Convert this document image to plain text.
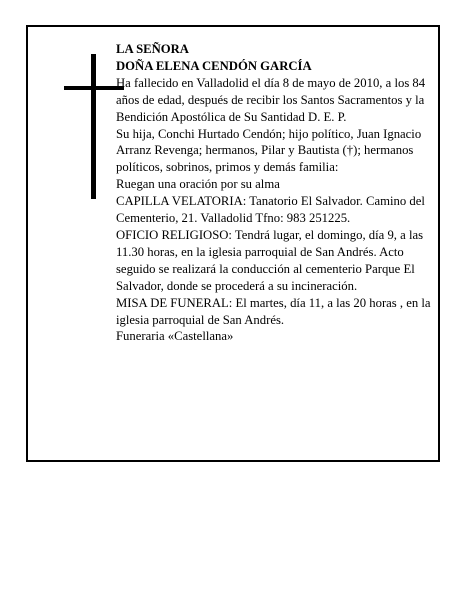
LA SEÑORA

DOÑA ELENA CENDÓN GARCÍA

Ha fallecido en Valladolid el día 8 de mayo de 2010, a los 84 años de edad, después de recibir los Santos Sacramentos y la Bendición Apostólica de Su Santidad D. E. P.

Su hija, Conchi Hurtado Cendón; hijo político, Juan Ignacio Arranz Revenga; hermanos, Pilar y Bautista (†); hermanos políticos, sobrinos, primos y demás familia:

Ruegan una oración por su alma

CAPILLA VELATORIA: Tanatorio El Salvador. Camino del Cementerio, 21. Valladolid Tfno: 983 251225.

OFICIO RELIGIOSO: Tendrá lugar, el domingo, día 9, a las 11.30 horas, en la iglesia parroquial de San Andrés. Acto seguido se realizará la conducción al cementerio Parque El Salvador, donde se procederá a su incineración.

MISA DE FUNERAL: El martes, día 11, a las 20 horas , en la iglesia parroquial de San Andrés.

Funeraria «Castellana»
